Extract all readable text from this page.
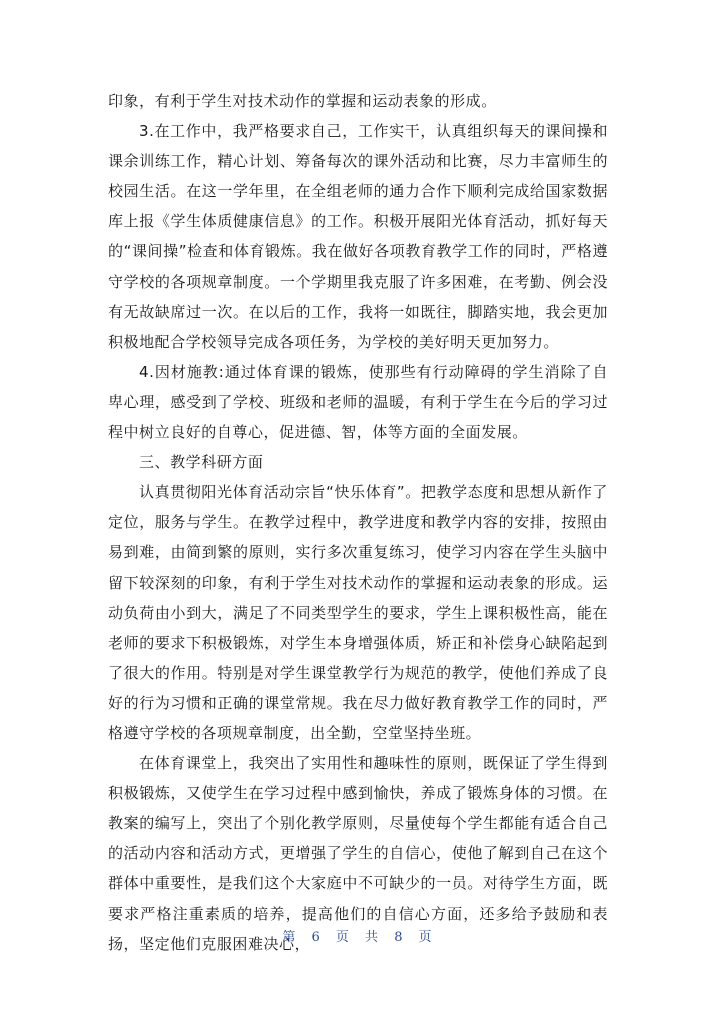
印象，有利于学生对技术动作的掌握和运动表象的形成。

3.在工作中，我严格要求自己，工作实干，认真组织每天的课间操和课余训练工作，精心计划、筹备每次的课外活动和比赛，尽力丰富师生的校园生活。在这一学年里，在全组老师的通力合作下顺利完成给国家数据库上报《学生体质健康信息》的工作。积极开展阳光体育活动，抓好每天的“课间操”检查和体育锻炼。我在做好各项教育教学工作的同时，严格遵守学校的各项规章制度。一个学期里我克服了许多困难，在考勤、例会没有无故缺席过一次。在以后的工作，我将一如既往，脚踏实地，我会更加积极地配合学校领导完成各项任务，为学校的美好明天更加努力。

4.因材施教:通过体育课的锻炼，使那些有行动障碍的学生消除了自卑心理，感受到了学校、班级和老师的温暖，有利于学生在今后的学习过程中树立良好的自尊心，促进德、智，体等方面的全面发展。

三、教学科研方面

认真贯彻阳光体育活动宗旨“快乐体育”。把教学态度和思想从新作了定位，服务与学生。在教学过程中，教学进度和教学内容的安排，按照由易到难，由简到繁的原则，实行多次重复练习，使学习内容在学生头脑中留下较深刻的印象，有利于学生对技术动作的掌握和运动表象的形成。运动负荷由小到大，满足了不同类型学生的要求，学生上课积极性高，能在老师的要求下积极锻炼，对学生本身增强体质，矫正和补偿身心缺陷起到了很大的作用。特别是对学生课堂教学行为规范的教学，使他们养成了良好的行为习惯和正确的课堂常规。我在尽力做好教育教学工作的同时，严格遵守学校的各项规章制度，出全勤，空堂坚持坐班。

在体育课堂上，我突出了实用性和趣味性的原则，既保证了学生得到积极锻炼，又使学生在学习过程中感到愉快，养成了锻炼身体的习惯。在教案的编写上，突出了个别化教学原则，尽量使每个学生都能有适合自己的活动内容和活动方式，更增强了学生的自信心，使他了解到自己在这个群体中重要性，是我们这个大家庭中不可缺少的一员。对待学生方面，既要求严格注重素质的培养，提高他们的自信心方面，还多给予鼓励和表扬，坚定他们克服困难决心，

第 6 页 共 8 页
